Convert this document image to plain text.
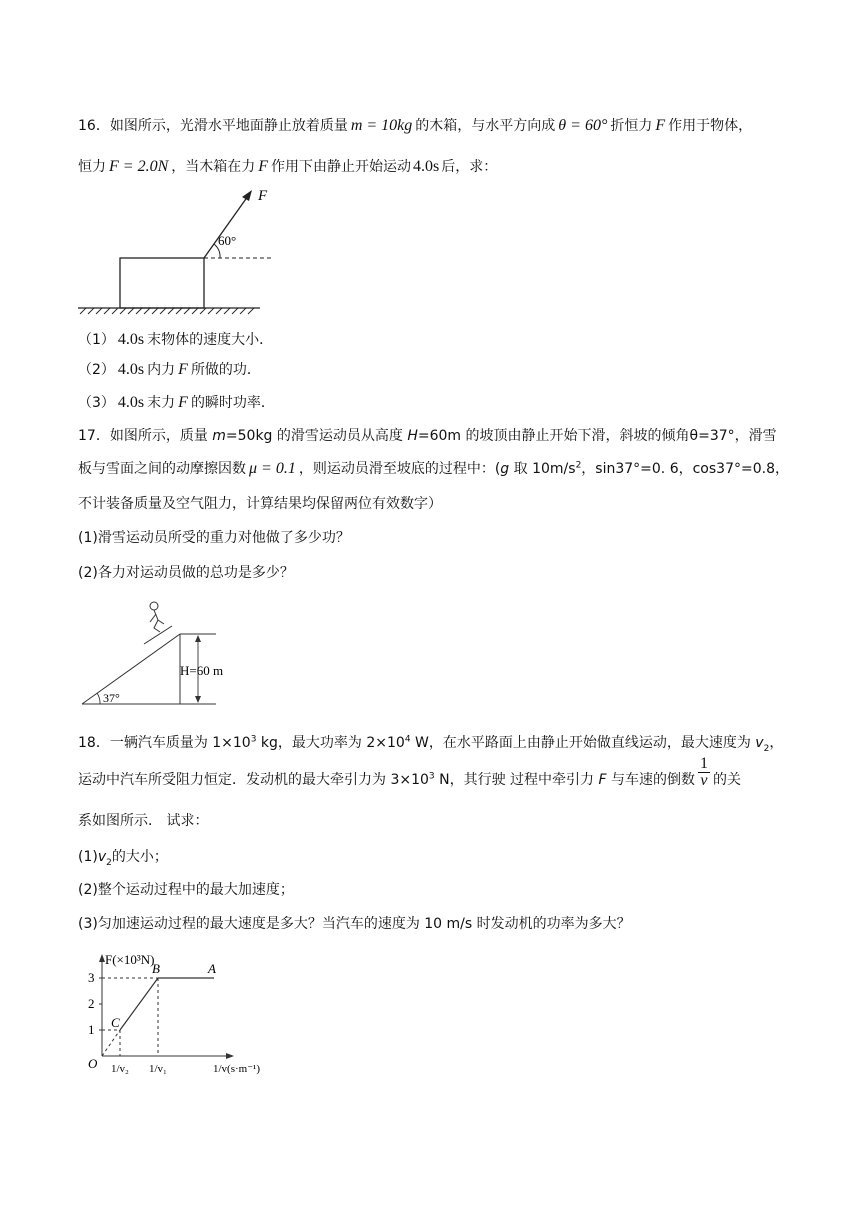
16．如图所示，光滑水平地面静止放着质量 m = 10kg 的木箱，与水平方向成 θ = 60° 折恒力 F 作用于物体，
恒力 F = 2.0N ，当木箱在力 F 作用下由静止开始运动 4.0s 后，求：
F
60°
（1） 4.0s 末物体的速度大小．
（2） 4.0s 内力 F 所做的功．
（3） 4.0s 末力 F 的瞬时功率．
17．如图所示，质量 m=50kg 的滑雪运动员从高度 H=60m 的坡顶由静止开始下滑，斜坡的倾角θ=37°，滑雪
板与雪面之间的动摩擦因数 μ = 0.1 ，则运动员滑至坡底的过程中：(g 取 $10m/s^2$，sin37°=0. 6，cos37°=0.8，
不计装备质量及空气阻力，计算结果均保留两位有效数字）
(1)滑雪运动员所受的重力对他做了多少功？
(2)各力对运动员做的总功是多少？
H=60 m
37°
18．一辆汽车质量为 $1\times 10^3$ kg，最大功率为 $2\times 10^4$ W，在水平路面上由静止开始做直线运动，最大速度为 $v_2$，
运动中汽车所受阻力恒定．发动机的最大牵引力为 $3\times 10^3$ N，其行驶 过程中牵引力 F 与车速的倒数 $\frac{1}{v}$ 的关
系如图所示． 试求：
$(1)v_2$的大小；
(2)整个运动过程中的最大加速度；
(3)匀加速运动过程的最大速度是多大？当汽车的速度为 10 m/s 时发动机的功率为多大？
F(×10³N)
3
2
1
O
A
B
C
1/v₂ 1/v₁	1/v(s·m⁻¹)
